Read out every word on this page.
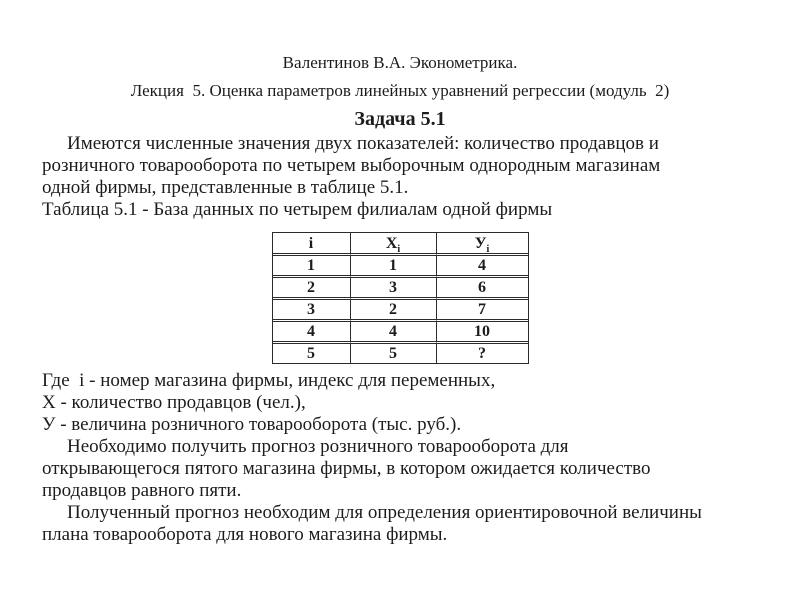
Валентинов В.А. Эконометрика.
Лекция  5. Оценка параметров линейных уравнений регрессии (модуль  2)
Задача 5.1
Имеются численные значения двух показателей: количество продавцов и
розничного товарооборота по четырем выборочным однородным магазинам
одной фирмы, представленные в таблице 5.1.
Таблица 5.1 - База данных по четырем филиалам одной фирмы
i	$Х_i$	$У_i$
1	1	4
2	3	6
3	2	7
4	4	10
5	5	?
Где  i - номер магазина фирмы, индекс для переменных,
Х - количество продавцов (чел.),
У - величина розничного товарооборота (тыс. руб.).
Необходимо получить прогноз розничного товарооборота для
открывающегося пятого магазина фирмы, в котором ожидается количество
продавцов равного пяти.
Полученный прогноз необходим для определения ориентировочной величины
плана товарооборота для нового магазина фирмы.
